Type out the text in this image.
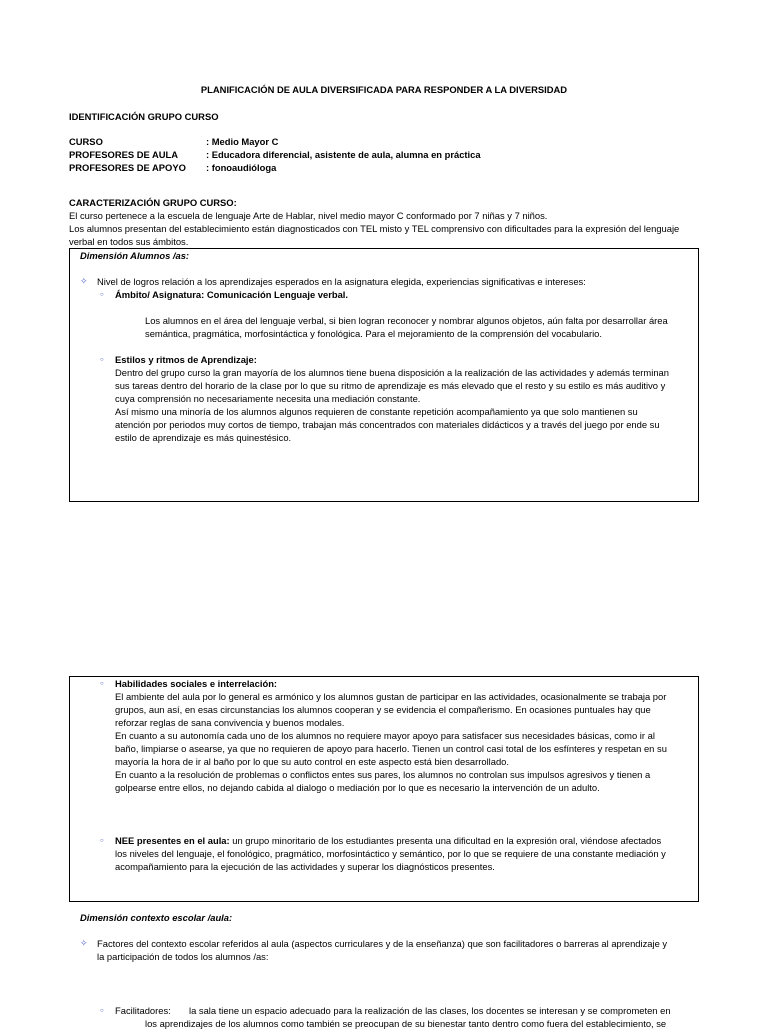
PLANIFICACIÓN DE AULA DIVERSIFICADA PARA RESPONDER A LA DIVERSIDAD
IDENTIFICACIÓN GRUPO CURSO
CURSO	: Medio Mayor C
PROFESORES DE AULA	: Educadora diferencial, asistente de aula, alumna en práctica
PROFESORES DE APOYO : fonoaudióloga
CARACTERIZACIÓN GRUPO CURSO:
El curso pertenece a la escuela de lenguaje Arte de Hablar, nivel medio mayor C conformado por 7 niñas y 7 niños.
Los alumnos presentan del establecimiento están diagnosticados con TEL misto y TEL comprensivo con dificultades para la expresión del lenguaje
verbal en todos sus ámbitos.
Dimensión Alumnos /as:
✧ Nivel de logros relación a los aprendizajes esperados en la asignatura elegida, experiencias significativas e intereses:
○ Ámbito/ Asignatura: Comunicación Lenguaje verbal.
Los alumnos en el área del lenguaje verbal, si bien logran reconocer y nombrar algunos objetos, aún falta por desarrollar área
semántica, pragmática, morfosintáctica y fonológica. Para el mejoramiento de la comprensión del vocabulario.
○ Estilos y ritmos de Aprendizaje:
Dentro del grupo curso la gran mayoría de los alumnos tiene buena disposición a la realización de las actividades y además terminan
sus tareas dentro del horario de la clase por lo que su ritmo de aprendizaje es más elevado que el resto y su estilo es más auditivo y
cuya comprensión no necesariamente necesita una mediación constante.
Así mismo una minoría de los alumnos algunos requieren de constante repetición acompañamiento ya que solo mantienen su
atención por periodos muy cortos de tiempo, trabajan más concentrados con materiales didácticos y a través del juego por ende su
estilo de aprendizaje es más quinestésico.
○ Habilidades sociales e interrelación:
El ambiente del aula por lo general es armónico y los alumnos gustan de participar en las actividades, ocasionalmente se trabaja por
grupos, aun así, en esas circunstancias los alumnos cooperan y se evidencia el compañerismo. En ocasiones puntuales hay que
reforzar reglas de sana convivencia y buenos modales.
En cuanto a su autonomía cada uno de los alumnos no requiere mayor apoyo para satisfacer sus necesidades básicas, como ir al
baño, limpiarse o asearse, ya que no requieren de apoyo para hacerlo. Tienen un control casi total de los esfínteres y respetan en su
mayoría la hora de ir al baño por lo que su auto control en este aspecto está bien desarrollado.
En cuanto a la resolución de problemas o conflictos entes sus pares, los alumnos no controlan sus impulsos agresivos y tienen a
golpearse entre ellos, no dejando cabida al dialogo o mediación por lo que es necesario la intervención de un adulto.
○ NEE presentes en el aula: un grupo minoritario de los estudiantes presenta una dificultad en la expresión oral, viéndose afectados
los niveles del lenguaje, el fonológico, pragmático, morfosintáctico y semántico, por lo que se requiere de una constante mediación y
acompañamiento para la ejecución de las actividades y superar los diagnósticos presentes.
Dimensión contexto escolar /aula:
✧ Factores del contexto escolar referidos al aula (aspectos curriculares y de la enseñanza) que son facilitadores o barreras al aprendizaje y
la participación de todos los alumnos /as:
○ Facilitadores: la sala tiene un espacio adecuado para la realización de las clases, los docentes se interesan y se comprometen en
los aprendizajes de los alumnos como también se preocupan de su bienestar tanto dentro como fuera del establecimiento, se
